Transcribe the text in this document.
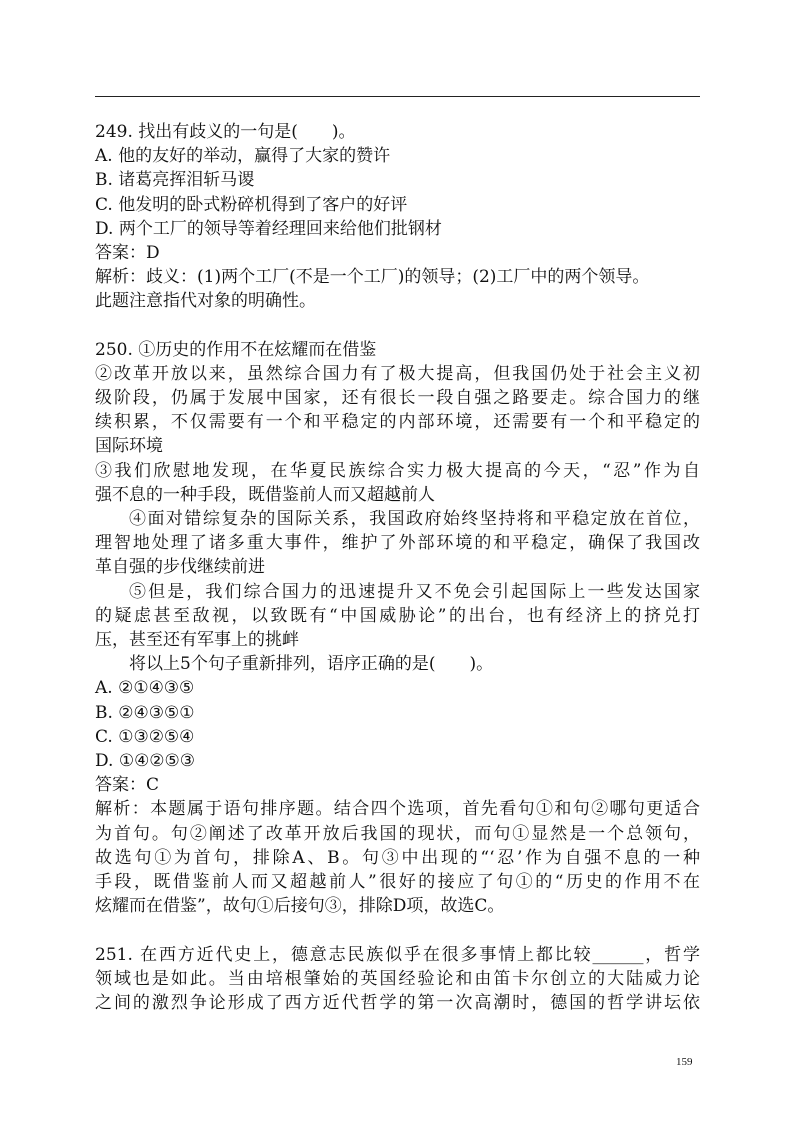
249. 找出有歧义的一句是(　　)。
A. 他的友好的举动，赢得了大家的赞许
B. 诸葛亮挥泪斩马谡
C. 他发明的卧式粉碎机得到了客户的好评
D. 两个工厂的领导等着经理回来给他们批钢材
答案：D
解析：歧义：(1)两个工厂(不是一个工厂)的领导；(2)工厂中的两个领导。
此题注意指代对象的明确性。
250. ①历史的作用不在炫耀而在借鉴
②改革开放以来，虽然综合国力有了极大提高，但我国仍处于社会主义初
级阶段，仍属于发展中国家，还有很长一段自强之路要走。综合国力的继
续积累，不仅需要有一个和平稳定的内部环境，还需要有一个和平稳定的
国际环境
③我们欣慰地发现，在华夏民族综合实力极大提高的今天，“忍”作为自
强不息的一种手段，既借鉴前人而又超越前人
④面对错综复杂的国际关系，我国政府始终坚持将和平稳定放在首位，
理智地处理了诸多重大事件，维护了外部环境的和平稳定，确保了我国改
革自强的步伐继续前进
⑤但是，我们综合国力的迅速提升又不免会引起国际上一些发达国家
的疑虑甚至敌视，以致既有“中国威胁论”的出台，也有经济上的挤兑打
压，甚至还有军事上的挑衅
将以上5个句子重新排列，语序正确的是(　　)。
A. ②①④③⑤
B. ②④③⑤①
C. ①③②⑤④
D. ①④②⑤③
答案：C
解析：本题属于语句排序题。结合四个选项，首先看句①和句②哪句更适合
为首句。句②阐述了改革开放后我国的现状，而句①显然是一个总领句，
故选句①为首句，排除A、B。句③中出现的“‘忍’作为自强不息的一种
手段，既借鉴前人而又超越前人”很好的接应了句①的“历史的作用不在
炫耀而在借鉴”，故句①后接句③，排除D项，故选C。
251. 在西方近代史上，德意志民族似乎在很多事情上都比较______，哲学
领域也是如此。当由培根肇始的英国经验论和由笛卡尔创立的大陆威力论
之间的激烈争论形成了西方近代哲学的第一次高潮时，德国的哲学讲坛依
159
